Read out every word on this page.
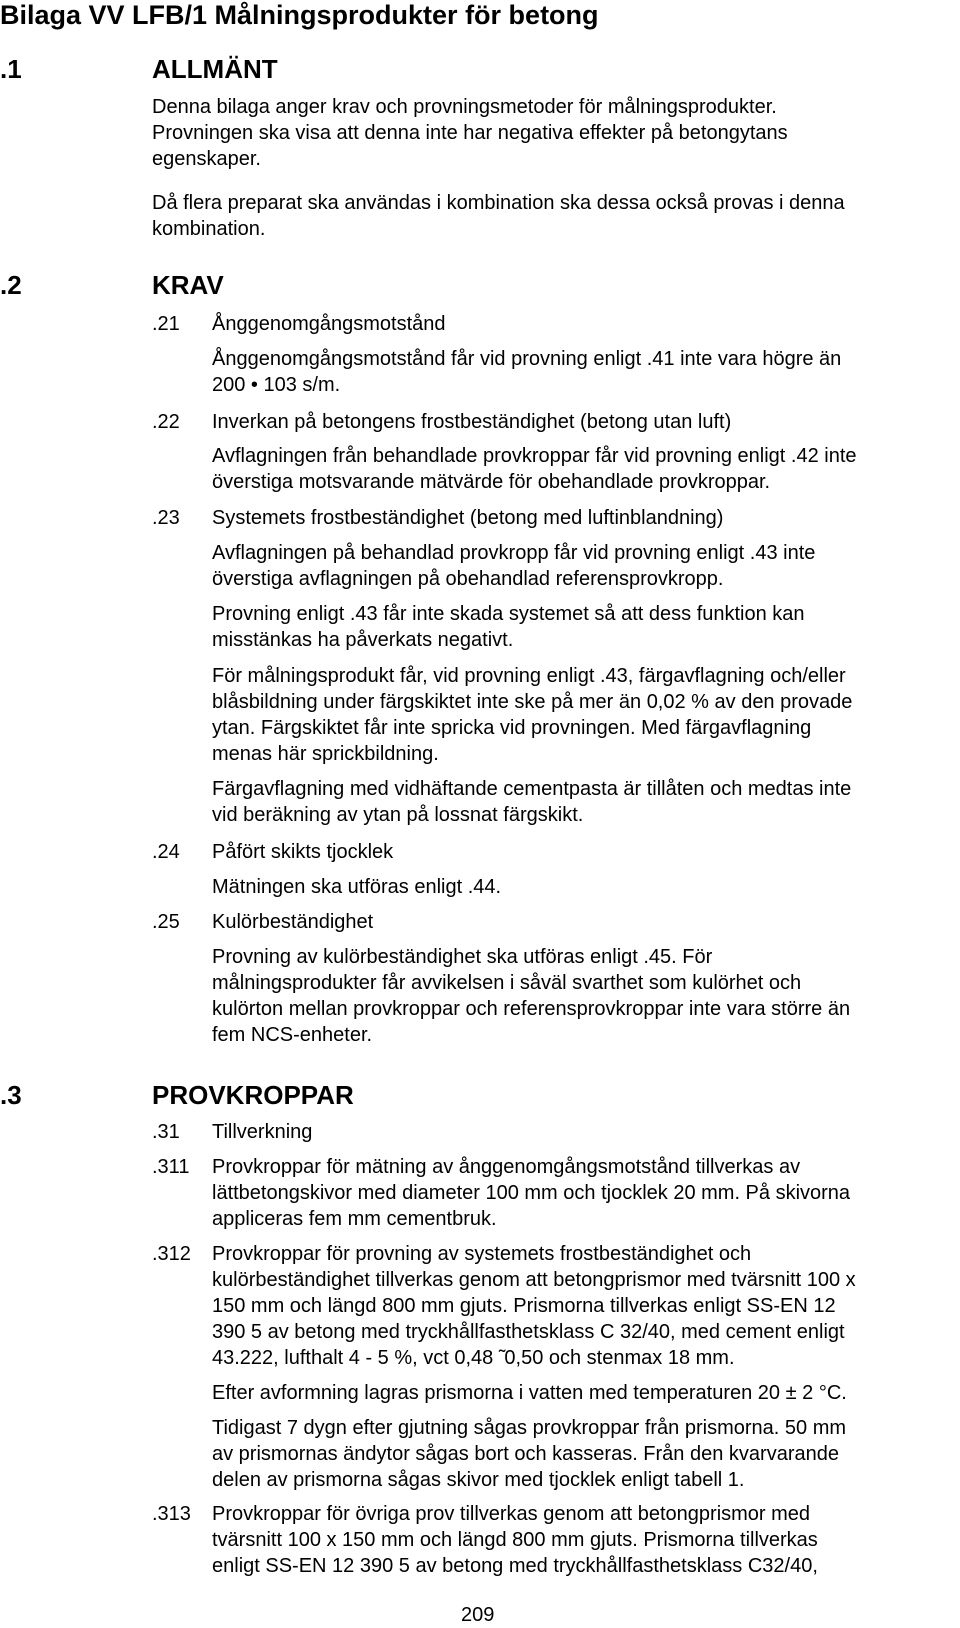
Bilaga VV LFB/1 Målningsprodukter för betong
.1	ALLMÄNT
Denna bilaga anger krav och provningsmetoder för målningsprodukter.
Provningen ska visa att denna inte har negativa effekter på betongytans
egenskaper.
Då flera preparat ska användas i kombination ska dessa också provas i denna
kombination.
.2	KRAV
.21 Ånggenomgångsmotstånd
Ånggenomgångsmotstånd får vid provning enligt .41 inte vara högre än
200 • 103 s/m.
.22 Inverkan på betongens frostbeständighet (betong utan luft)
Avflagningen från behandlade provkroppar får vid provning enligt .42 inte
överstiga motsvarande mätvärde för obehandlade provkroppar.
.23 Systemets frostbeständighet (betong med luftinblandning)
Avflagningen på behandlad provkropp får vid provning enligt .43 inte
överstiga avflagningen på obehandlad referensprovkropp.
Provning enligt .43 får inte skada systemet så att dess funktion kan
misstänkas ha påverkats negativt.
För målningsprodukt får, vid provning enligt .43, färgavflagning och/eller
blåsbildning under färgskiktet inte ske på mer än 0,02 % av den provade
ytan. Färgskiktet får inte spricka vid provningen. Med färgavflagning
menas här sprickbildning.
Färgavflagning med vidhäftande cementpasta är tillåten och medtas inte
vid beräkning av ytan på lossnat färgskikt.
.24 Påfört skikts tjocklek
Mätningen ska utföras enligt .44.
.25 Kulörbeständighet
Provning av kulörbeständighet ska utföras enligt .45. För
målningsprodukter får avvikelsen i såväl svarthet som kulörhet och
kulörton mellan provkroppar och referensprovkroppar inte vara större än
fem NCS-enheter.
.3	PROVKROPPAR
.31 Tillverkning
.311 Provkroppar för mätning av ånggenomgångsmotstånd tillverkas av
lättbetongskivor med diameter 100 mm och tjocklek 20 mm. På skivorna
appliceras fem mm cementbruk.
.312 Provkroppar för provning av systemets frostbeständighet och
kulörbeständighet tillverkas genom att betongprismor med tvärsnitt 100 x
150 mm och längd 800 mm gjuts. Prismorna tillverkas enligt SS-EN 12
390 5 av betong med tryckhållfasthetsklass C 32/40, med cement enligt
43.222, lufthalt 4 - 5 %, vct 0,48 ̃ 0,50 och stenmax 18 mm.
Efter avformning lagras prismorna i vatten med temperaturen 20 ± 2 °C.
Tidigast 7 dygn efter gjutning sågas provkroppar från prismorna. 50 mm
av prismornas ändytor sågas bort och kasseras. Från den kvarvarande
delen av prismorna sågas skivor med tjocklek enligt tabell 1.
.313 Provkroppar för övriga prov tillverkas genom att betongprismor med
tvärsnitt 100 x 150 mm och längd 800 mm gjuts. Prismorna tillverkas
enligt SS-EN 12 390 5 av betong med tryckhållfasthetsklass C32/40,
209
